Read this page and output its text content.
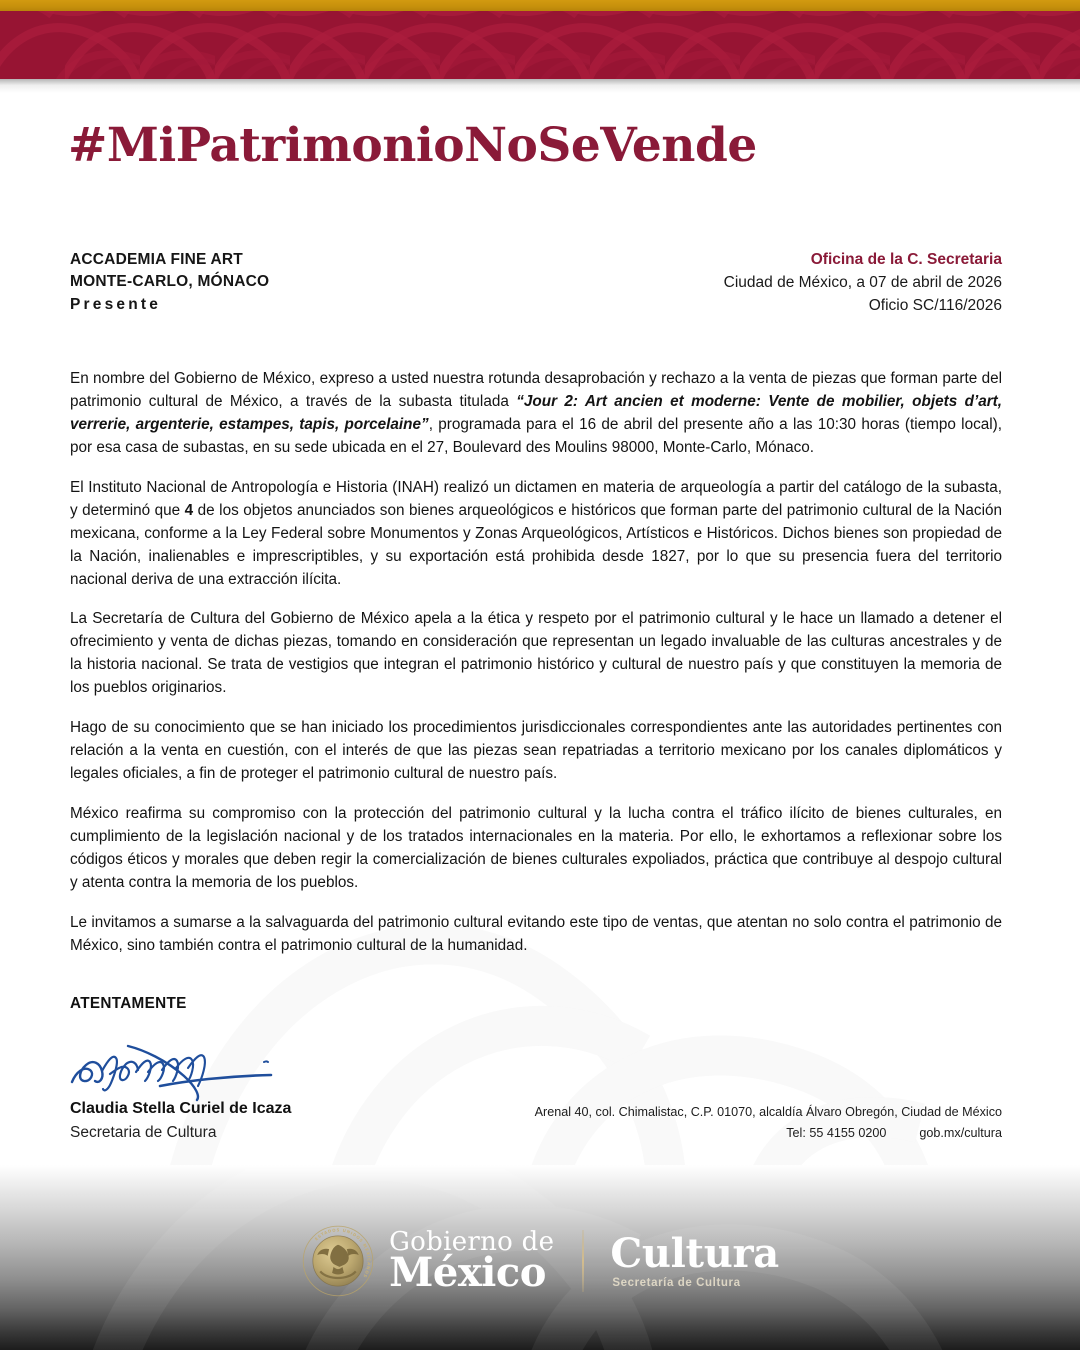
#MiPatrimonioNoSeVende
ACCADEMIA FINE ART
MONTE-CARLO, MÓNACO
Presente
Oficina de la C. Secretaria
Ciudad de México, a 07 de abril de 2026
Oficio SC/116/2026

En nombre del Gobierno de México, expreso a usted nuestra rotunda desaprobación y rechazo a la venta de piezas que forman parte del patrimonio cultural de México, a través de la subasta titulada “Jour 2: Art ancien et moderne: Vente de mobilier, objets d’art, verrerie, argenterie, estampes, tapis, porcelaine”, programada para el 16 de abril del presente año a las 10:30 horas (tiempo local), por esa casa de subastas, en su sede ubicada en el 27, Boulevard des Moulins 98000, Monte-Carlo, Mónaco.

El Instituto Nacional de Antropología e Historia (INAH) realizó un dictamen en materia de arqueología a partir del catálogo de la subasta, y determinó que 4 de los objetos anunciados son bienes arqueológicos e históricos que forman parte del patrimonio cultural de la Nación mexicana, conforme a la Ley Federal sobre Monumentos y Zonas Arqueológicos, Artísticos e Históricos. Dichos bienes son propiedad de la Nación, inalienables e imprescriptibles, y su exportación está prohibida desde 1827, por lo que su presencia fuera del territorio nacional deriva de una extracción ilícita.

La Secretaría de Cultura del Gobierno de México apela a la ética y respeto por el patrimonio cultural y le hace un llamado a detener el ofrecimiento y venta de dichas piezas, tomando en consideración que representan un legado invaluable de las culturas ancestrales y de la historia nacional. Se trata de vestigios que integran el patrimonio histórico y cultural de nuestro país y que constituyen la memoria de los pueblos originarios.

Hago de su conocimiento que se han iniciado los procedimientos jurisdiccionales correspondientes ante las autoridades pertinentes con relación a la venta en cuestión, con el interés de que las piezas sean repatriadas a territorio mexicano por los canales diplomáticos y legales oficiales, a fin de proteger el patrimonio cultural de nuestro país.

México reafirma su compromiso con la protección del patrimonio cultural y la lucha contra el tráfico ilícito de bienes culturales, en cumplimiento de la legislación nacional y de los tratados internacionales en la materia. Por ello, le exhortamos a reflexionar sobre los códigos éticos y morales que deben regir la comercialización de bienes culturales expoliados, práctica que contribuye al despojo cultural y atenta contra la memoria de los pueblos.

Le invitamos a sumarse a la salvaguarda del patrimonio cultural evitando este tipo de ventas, que atentan no solo contra el patrimonio de México, sino también contra el patrimonio cultural de la humanidad.

ATENTAMENTE
Claudia Stella Curiel de Icaza
Secretaria de Cultura
Arenal 40, col. Chimalistac, C.P. 01070, alcaldía Álvaro Obregón, Ciudad de México
Tel: 55 4155 0200	gob.mx/cultura
ESTADOS UNIDOS MEXICANOS
Gobierno de
México Cultura
Secretaría de Cultura
